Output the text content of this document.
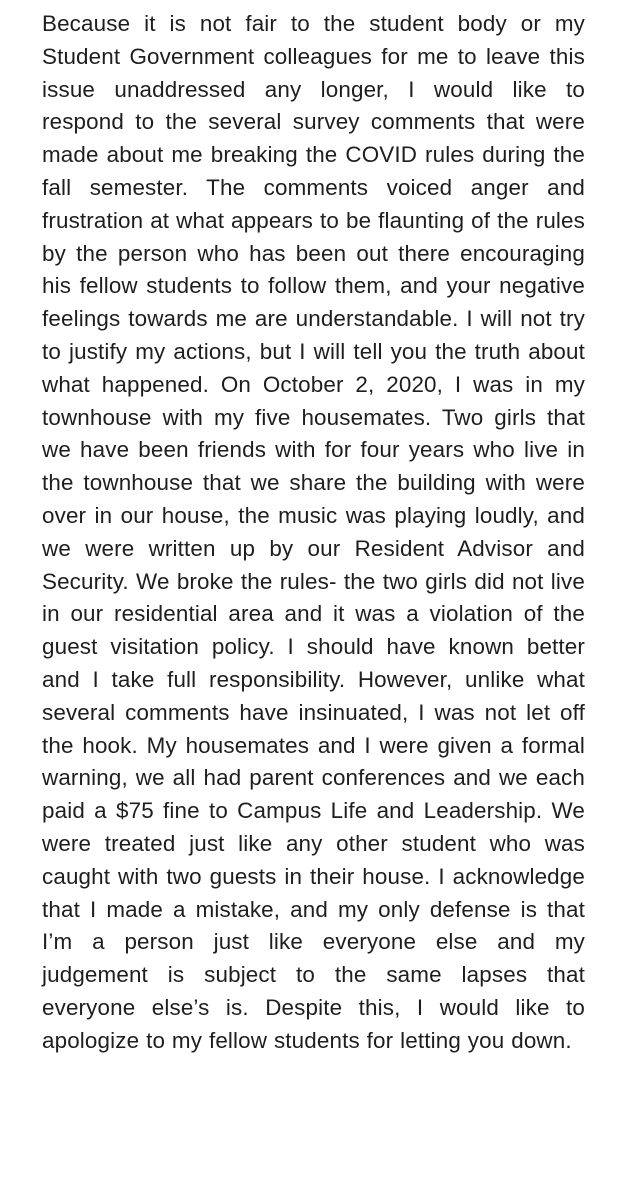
Because it is not fair to the student body or my Student Government colleagues for me to leave this issue unaddressed any longer, I would like to respond to the several survey comments that were made about me breaking the COVID rules during the fall semester. The comments voiced anger and frustration at what appears to be flaunting of the rules by the person who has been out there encouraging his fellow students to follow them, and your negative feelings towards me are understandable. I will not try to justify my actions, but I will tell you the truth about what happened. On October 2, 2020, I was in my townhouse with my five housemates. Two girls that we have been friends with for four years who live in the townhouse that we share the building with were over in our house, the music was playing loudly, and we were written up by our Resident Advisor and Security. We broke the rules- the two girls did not live in our residential area and it was a violation of the guest visitation policy. I should have known better and I take full responsibility. However, unlike what several comments have insinuated, I was not let off the hook. My housemates and I were given a formal warning, we all had parent conferences and we each paid a $75 fine to Campus Life and Leadership. We were treated just like any other student who was caught with two guests in their house. I acknowledge that I made a mistake, and my only defense is that I’m a person just like everyone else and my judgement is subject to the same lapses that everyone else’s is. Despite this, I would like to apologize to my fellow students for letting you down.
